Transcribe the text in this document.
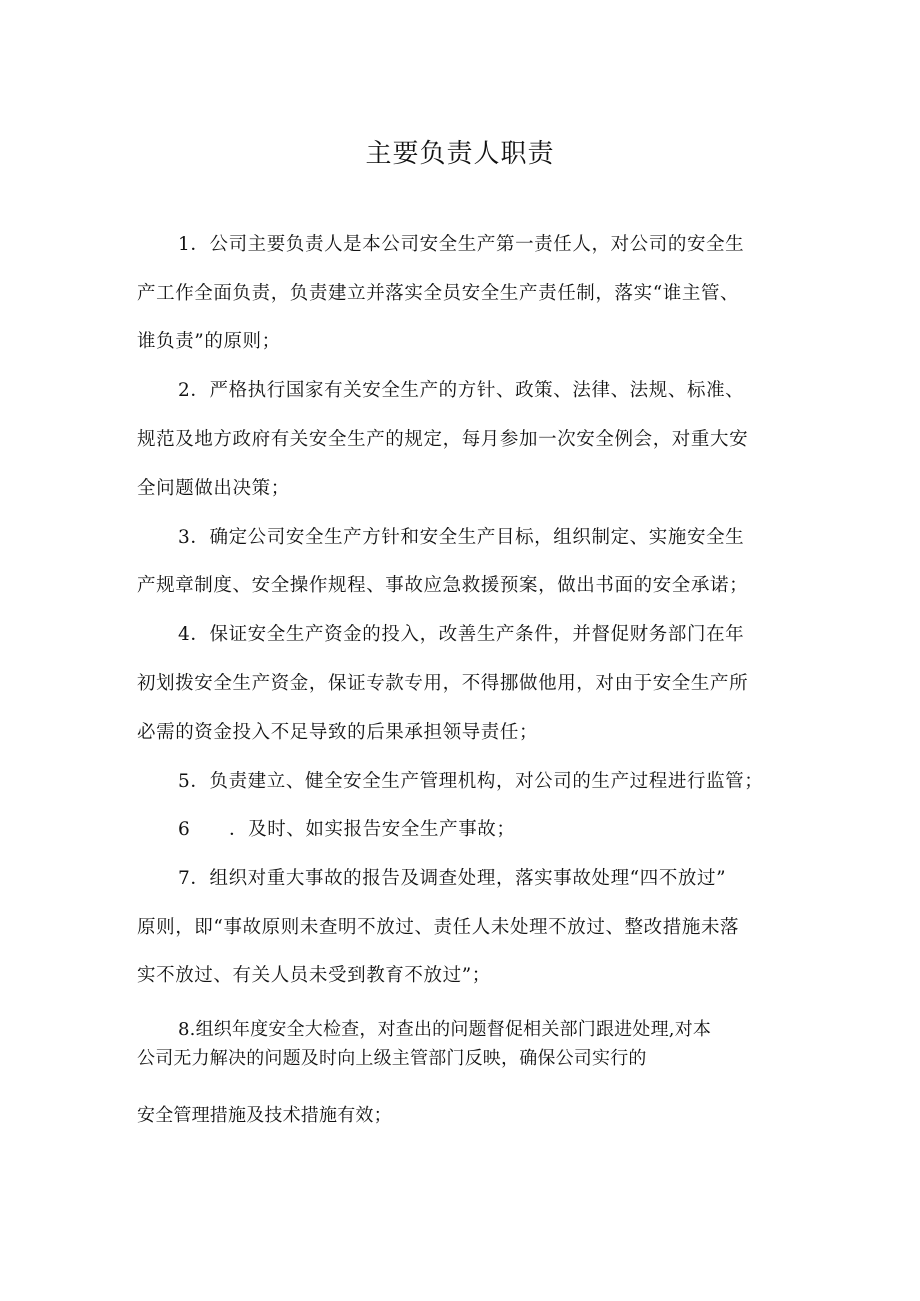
主要负责人职责
1．公司主要负责人是本公司安全生产第一责任人，对公司的安全生
产工作全面负责，负责建立并落实全员安全生产责任制，落实“谁主管、
谁负责”的原则；
2．严格执行国家有关安全生产的方针、政策、法律、法规、标准、
规范及地方政府有关安全生产的规定，每月参加一次安全例会，对重大安
全问题做出决策；
3．确定公司安全生产方针和安全生产目标，组织制定、实施安全生
产规章制度、安全操作规程、事故应急救援预案，做出书面的安全承诺；
4．保证安全生产资金的投入，改善生产条件，并督促财务部门在年
初划拨安全生产资金，保证专款专用，不得挪做他用，对由于安全生产所
必需的资金投入不足导致的后果承担领导责任；
5．负责建立、健全安全生产管理机构，对公司的生产过程进行监管；
6 ．及时、如实报告安全生产事故；
7．组织对重大事故的报告及调查处理，落实事故处理“四不放过”
原则，即“事故原则未查明不放过、责任人未处理不放过、整改措施未落
实不放过、有关人员未受到教育不放过”；
8.组织年度安全大检查，对查出的问题督促相关部门跟进处理,对本
公司无力解决的问题及时向上级主管部门反映，确保公司实行的
安全管理措施及技术措施有效；
